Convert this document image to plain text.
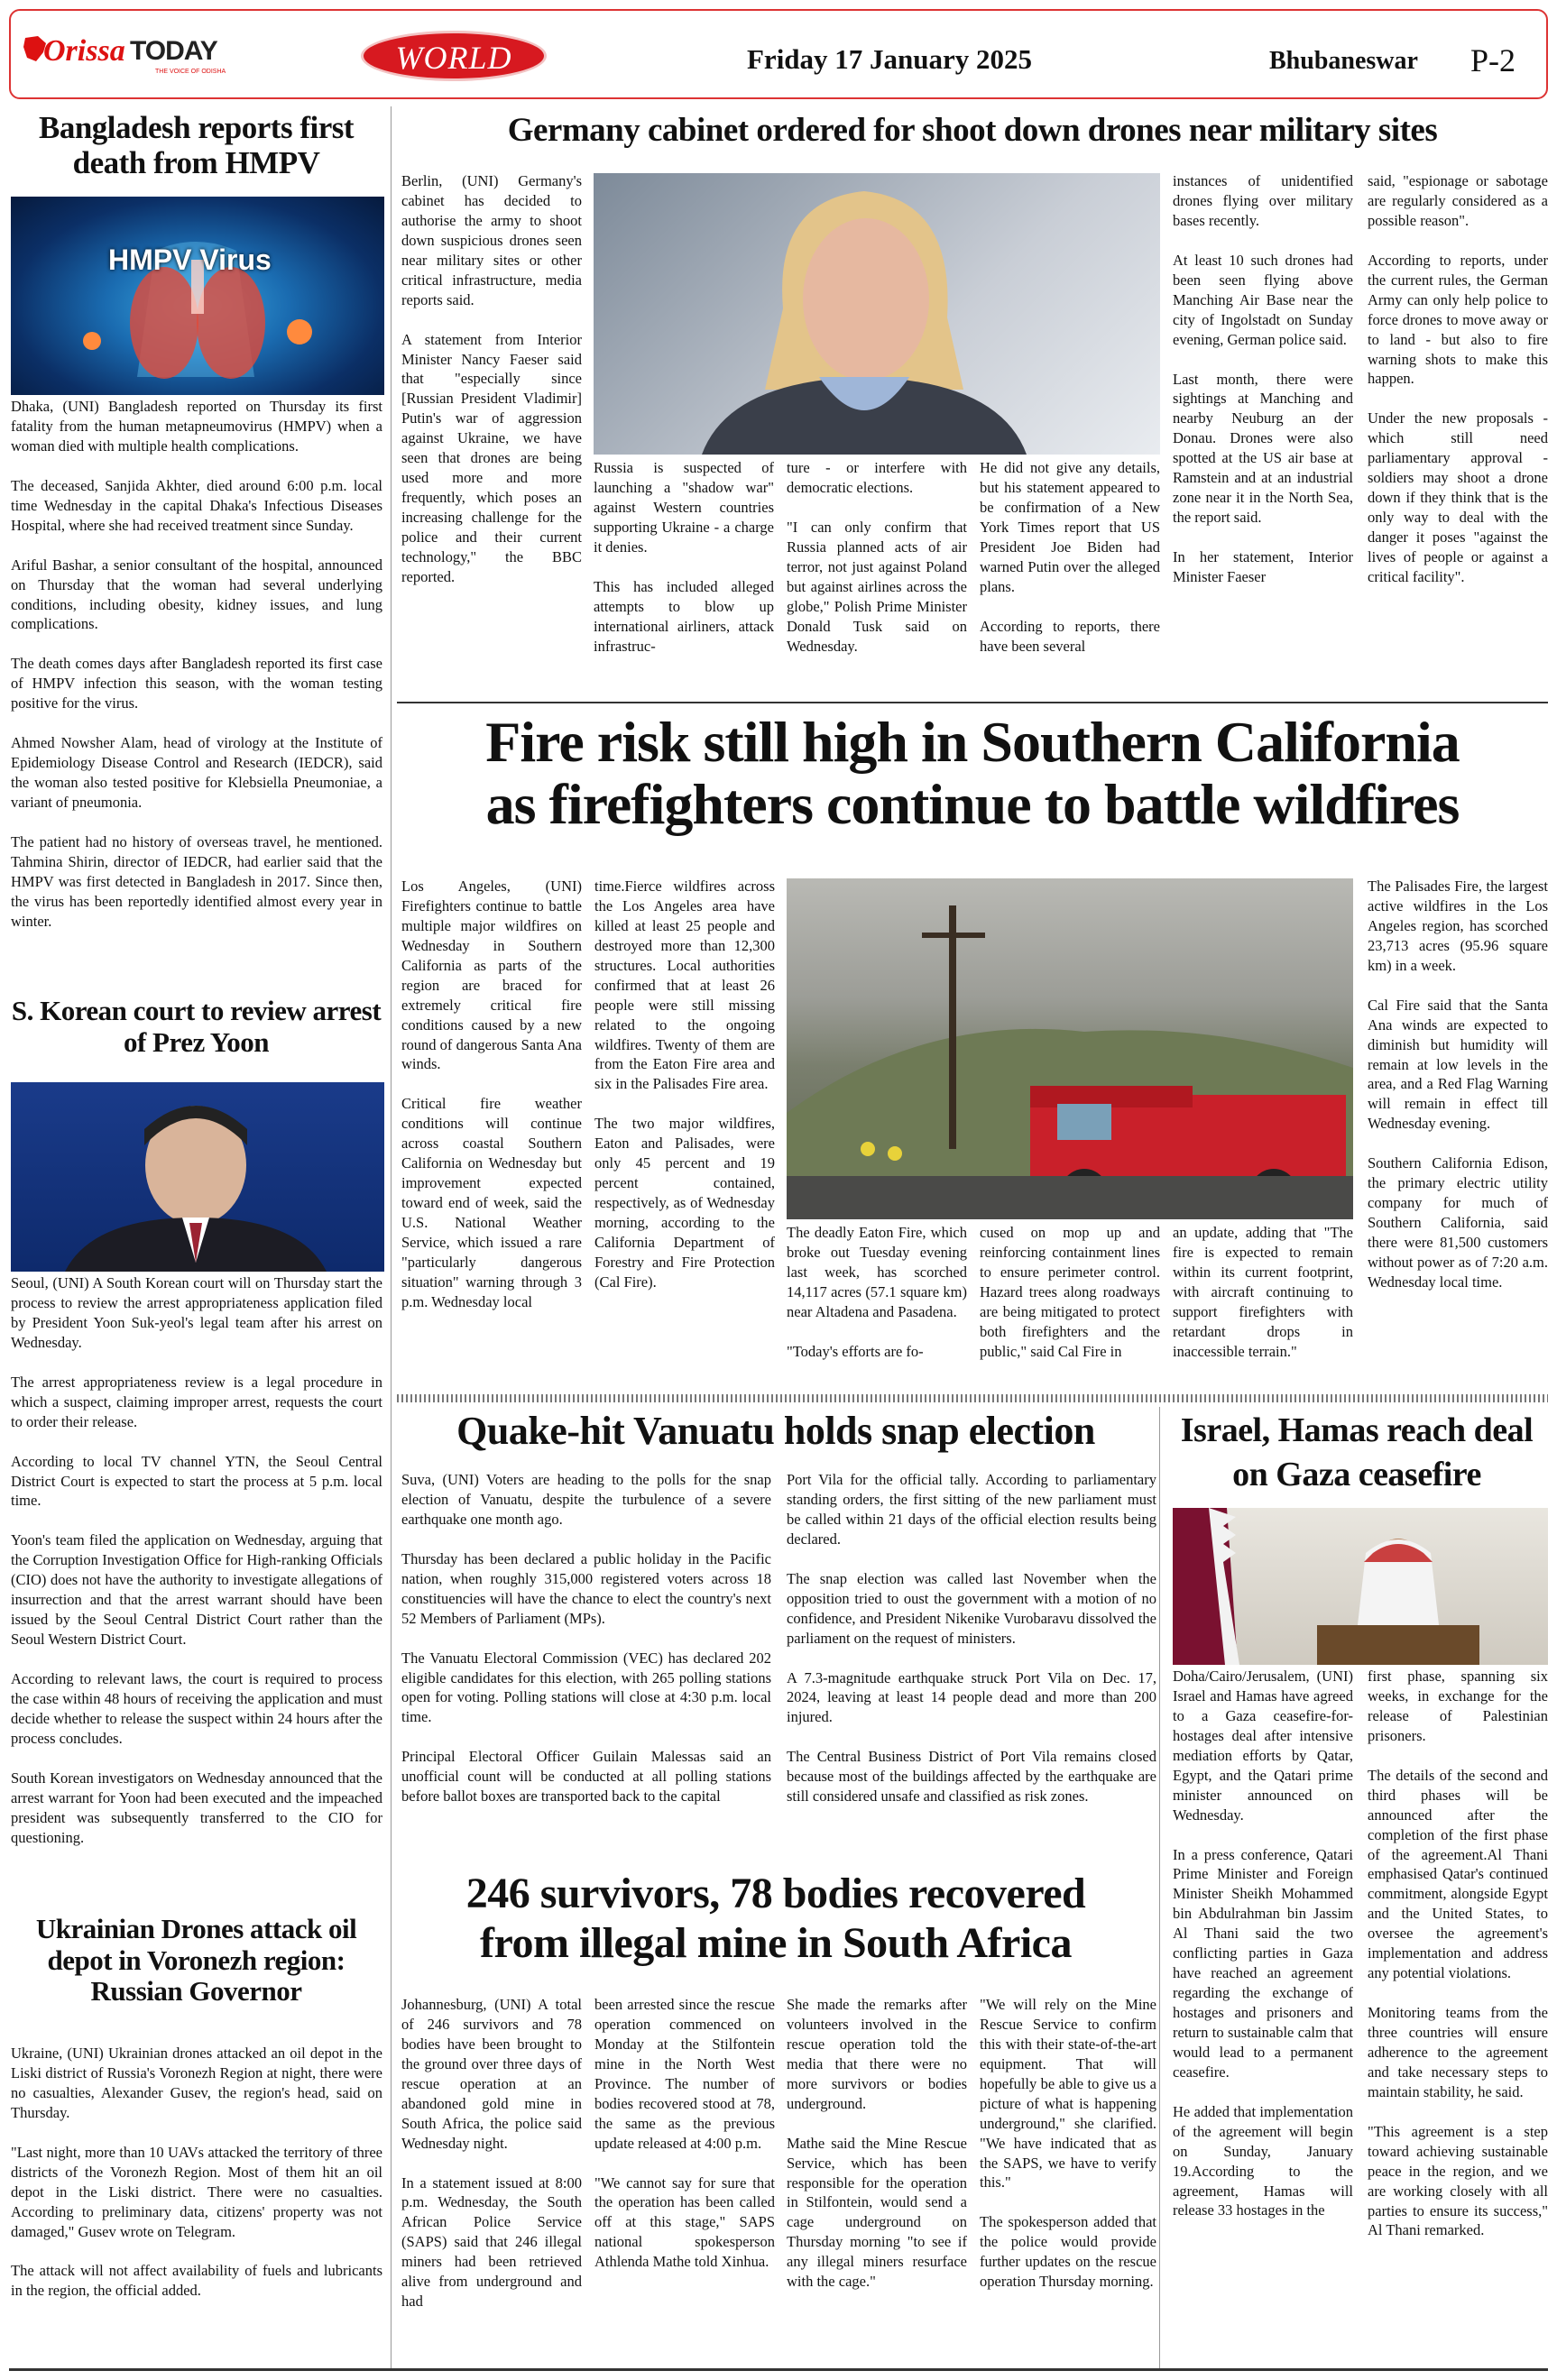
Orissa TODAY
THE VOICE OF ODISHA	WORLD	Friday 17 January 2025	Bhubaneswar P-2
Bangladesh reports first death from HMPV
HMPV Virus

Dhaka, (UNI) Bangladesh reported on Thursday its first fatality from the human metapneumovirus (HMPV) when a woman died with multiple health complications.

The deceased, Sanjida Akhter, died around 6:00 p.m. local time Wednesday in the capital Dhaka's Infectious Diseases Hospital, where she had received treatment since Sunday.

Ariful Bashar, a senior consultant of the hospital, announced on Thursday that the woman had several underlying conditions, including obesity, kidney issues, and lung complications.

The death comes days after Bangladesh reported its first case of HMPV infection this season, with the woman testing positive for the virus.

Ahmed Nowsher Alam, head of virology at the Institute of Epidemiology Disease Control and Research (IEDCR), said the woman also tested positive for Klebsiella Pneumoniae, a variant of pneumonia.

The patient had no history of overseas travel, he mentioned. Tahmina Shirin, director of IEDCR, had earlier said that the HMPV was first detected in Bangladesh in 2017. Since then, the virus has been reportedly identified almost every year in winter.

S. Korean court to review arrest of Prez Yoon

Seoul, (UNI) A South Korean court will on Thursday start the process to review the arrest appropriateness application filed by President Yoon Suk-yeol's legal team after his arrest on Wednesday.

The arrest appropriateness review is a legal procedure in which a suspect, claiming improper arrest, requests the court to order their release.

According to local TV channel YTN, the Seoul Central District Court is expected to start the process at 5 p.m. local time.

Yoon's team filed the application on Wednesday, arguing that the Corruption Investigation Office for High-ranking Officials (CIO) does not have the authority to investigate allegations of insurrection and that the arrest warrant should have been issued by the Seoul Central District Court rather than the Seoul Western District Court.

According to relevant laws, the court is required to process the case within 48 hours of receiving the application and must decide whether to release the suspect within 24 hours after the process concludes.

South Korean investigators on Wednesday announced that the arrest warrant for Yoon had been executed and the impeached president was subsequently transferred to the CIO for questioning.

Ukrainian Drones attack oil depot in Voronezh region: Russian Governor

Ukraine, (UNI) Ukrainian drones attacked an oil depot in the Liski district of Russia's Voronezh Region at night, there were no casualties, Alexander Gusev, the region's head, said on Thursday.

"Last night, more than 10 UAVs attacked the territory of three districts of the Voronezh Region. Most of them hit an oil depot in the Liski district. There were no casualties. According to preliminary data, citizens' property was not damaged," Gusev wrote on Telegram.

The attack will not affect availability of fuels and lubricants in the region, the official added.

Germany cabinet ordered for shoot down drones near military sites

Berlin, (UNI) Germany's cabinet has decided to authorise the army to shoot down suspicious drones seen near military sites or other critical infrastructure, media reports said.

A statement from Interior Minister Nancy Faeser said that "especially since [Russian President Vladimir] Putin's war of aggression against Ukraine, we have seen that drones are being used more and more frequently, which poses an increasing challenge for the police and their current technology," the BBC reported.

Russia is suspected of launching a "shadow war" against Western countries supporting Ukraine - a charge it denies.

This has included alleged attempts to blow up international airliners, attack infrastruc-

ture - or interfere with democratic elections.

"I can only confirm that Russia planned acts of air terror, not just against Poland but against airlines across the globe," Polish Prime Minister Donald Tusk said on Wednesday.

He did not give any details, but his statement appeared to be confirmation of a New York Times report that US President Joe Biden had warned Putin over the alleged plans.

According to reports, there have been several

instances of unidentified drones flying over military bases recently.

At least 10 such drones had been seen flying above Manching Air Base near the city of Ingolstadt on Sunday evening, German police said.

Last month, there were sightings at Manching and nearby Neuburg an der Donau. Drones were also spotted at the US air base at Ramstein and at an industrial zone near it in the North Sea, the report said.

In her statement, Interior Minister Faeser

said, "espionage or sabotage are regularly considered as a possible reason".

According to reports, under the current rules, the German Army can only help police to force drones to move away or to land - but also to fire warning shots to make this happen.

Under the new proposals - which still need parliamentary approval - soldiers may shoot a drone down if they think that is the only way to deal with the danger it poses "against the lives of people or against a critical facility".

Fire risk still high in Southern California
as firefighters continue to battle wildfires

Los Angeles, (UNI) Firefighters continue to battle multiple major wildfires on Wednesday in Southern California as parts of the region are braced for extremely critical fire conditions caused by a new round of dangerous Santa Ana winds.

Critical fire weather conditions will continue across coastal Southern California on Wednesday but improvement expected toward end of week, said the U.S. National Weather Service, which issued a rare "particularly dangerous situation" warning through 3 p.m. Wednesday local

time.Fierce wildfires across the Los Angeles area have killed at least 25 people and destroyed more than 12,300 structures. Local authorities confirmed that at least 26 people were still missing related to the ongoing wildfires. Twenty of them are from the Eaton Fire area and six in the Palisades Fire area.

The two major wildfires, Eaton and Palisades, were only 45 percent and 19 percent contained, respectively, as of Wednesday morning, according to the California Department of Forestry and Fire Protection (Cal Fire).

The deadly Eaton Fire, which broke out Tuesday evening last week, has scorched 14,117 acres (57.1 square km) near Altadena and Pasadena.

"Today's efforts are fo-

cused on mop up and reinforcing containment lines to ensure perimeter control. Hazard trees along roadways are being mitigated to protect both firefighters and the public," said Cal Fire in

an update, adding that "The fire is expected to remain within its current footprint, with aircraft continuing to support firefighters with retardant drops in inaccessible terrain."

The Palisades Fire, the largest active wildfires in the Los Angeles region, has scorched 23,713 acres (95.96 square km) in a week.

Cal Fire said that the Santa Ana winds are expected to diminish but humidity will remain at low levels in the area, and a Red Flag Warning will remain in effect till Wednesday evening.

Southern California Edison, the primary electric utility company for much of Southern California, said there were 81,500 customers without power as of 7:20 a.m. Wednesday local time.

Quake-hit Vanuatu holds snap election

Suva, (UNI) Voters are heading to the polls for the snap election of Vanuatu, despite the turbulence of a severe earthquake one month ago.

Thursday has been declared a public holiday in the Pacific nation, when roughly 315,000 registered voters across 18 constituencies will have the chance to elect the country's next 52 Members of Parliament (MPs).

The Vanuatu Electoral Commission (VEC) has declared 202 eligible candidates for this election, with 265 polling stations open for voting. Polling stations will close at 4:30 p.m. local time.

Principal Electoral Officer Guilain Malessas said an unofficial count will be conducted at all polling stations before ballot boxes are transported back to the capital

Port Vila for the official tally. According to parliamentary standing orders, the first sitting of the new parliament must be called within 21 days of the official election results being declared.

The snap election was called last November when the opposition tried to oust the government with a motion of no confidence, and President Nikenike Vurobaravu dissolved the parliament on the request of ministers.

A 7.3-magnitude earthquake struck Port Vila on Dec. 17, 2024, leaving at least 14 people dead and more than 200 injured.

The Central Business District of Port Vila remains closed because most of the buildings affected by the earthquake are still considered unsafe and classified as risk zones.

246 survivors, 78 bodies recovered
from illegal mine in South Africa

Johannesburg, (UNI) A total of 246 survivors and 78 bodies have been brought to the ground over three days of rescue operation at an abandoned gold mine in South Africa, the police said Wednesday night.

In a statement issued at 8:00 p.m. Wednesday, the South African Police Service (SAPS) said that 246 illegal miners had been retrieved alive from underground and had

been arrested since the rescue operation commenced on Monday at the Stilfontein mine in the North West Province. The number of bodies recovered stood at 78, the same as the previous update released at 4:00 p.m.

"We cannot say for sure that the operation has been called off at this stage," SAPS national spokesperson Athlenda Mathe told Xinhua.

She made the remarks after volunteers involved in the rescue operation told the media that there were no more survivors or bodies underground.

Mathe said the Mine Rescue Service, which has been responsible for the operation in Stilfontein, would send a cage underground on Thursday morning "to see if any illegal miners resurface with the cage."

"We will rely on the Mine Rescue Service to confirm this with their state-of-the-art equipment. That will hopefully be able to give us a picture of what is happening underground," she clarified. "We have indicated that as the SAPS, we have to verify this."

The spokesperson added that the police would provide further updates on the rescue operation Thursday morning.

Israel, Hamas reach deal on Gaza ceasefire

Doha/Cairo/Jerusalem, (UNI) Israel and Hamas have agreed to a Gaza ceasefire-for-hostages deal after intensive mediation efforts by Qatar, Egypt, and the Qatari prime minister announced on Wednesday.

In a press conference, Qatari Prime Minister and Foreign Minister Sheikh Mohammed bin Abdulrahman bin Jassim Al Thani said the two conflicting parties in Gaza have reached an agreement regarding the exchange of hostages and prisoners and return to sustainable calm that would lead to a permanent ceasefire.

He added that implementation of the agreement will begin on Sunday, January 19.According to the agreement, Hamas will release 33 hostages in the

first phase, spanning six weeks, in exchange for the release of Palestinian prisoners.

The details of the second and third phases will be announced after the completion of the first phase of the agreement.Al Thani emphasised Qatar's continued commitment, alongside Egypt and the United States, to oversee the agreement's implementation and address any potential violations.

Monitoring teams from the three countries will ensure adherence to the agreement and take necessary steps to maintain stability, he said.

"This agreement is a step toward achieving sustainable peace in the region, and we are working closely with all parties to ensure its success," Al Thani remarked.
